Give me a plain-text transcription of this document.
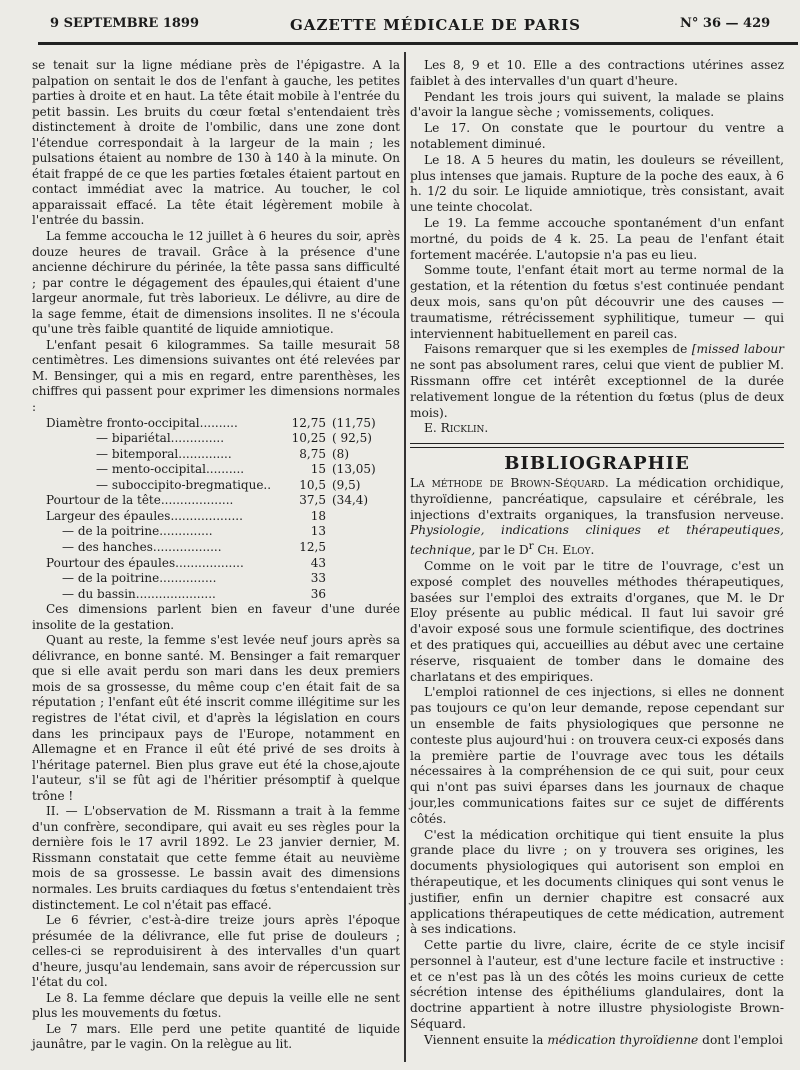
9 SEPTEMBRE 1899	GAZETTE MÉDICALE DE PARIS	N° 36 — 429

se tenait sur la ligne médiane près de l'épigastre. A la palpation on sentait le dos de l'enfant à gauche, les petites parties à droite et en haut. La tête était mobile à l'entrée du petit bassin. Les bruits du cœur fœtal s'entendaient très distinctement à droite de l'ombilic, dans une zone dont l'étendue correspondait à la largeur de la main ; les pulsations étaient au nombre de 130 à 140 à la minute. On était frappé de ce que les parties fœtales étaient partout en contact immédiat avec la matrice. Au toucher, le col apparaissait effacé. La tête était légèrement mobile à l'entrée du bassin.

La femme accoucha le 12 juillet à 6 heures du soir, après douze heures de travail. Grâce à la présence d'une ancienne déchirure du périnée, la tête passa sans difficulté ; par contre le dégagement des épaules,qui étaient d'une largeur anormale, fut très laborieux. Le délivre, au dire de la sage femme, était de dimensions insolites. Il ne s'écoula qu'une très faible quantité de liquide amniotique.

L'enfant pesait 6 kilogrammes. Sa taille mesurait 58 centimètres. Les dimensions suivantes ont été relevées par M. Bensinger, qui a mis en regard, entre parenthèses, les chiffres qui passent pour exprimer les dimensions normales :

Diamètre fronto-occipital..........	12,75	(11,75)
— bipariétal..............	10,25	( 92,5)
— bitemporal..............	8,75	(8)
— mento-occipital..........	15	(13,05)
— suboccipito-bregmatique..	10,5	(9,5)
Pourtour de la tête...................	37,5	(34,4)
Largeur des épaules...................	18	
— de la poitrine..............	13	
— des hanches..................	12,5	
Pourtour des épaules..................	43	
— de la poitrine...............	33	
— du bassin.....................	36	

Ces dimensions parlent bien en faveur d'une durée insolite de la gestation.

Quant au reste, la femme s'est levée neuf jours après sa délivrance, en bonne santé. M. Bensinger a fait remarquer que si elle avait perdu son mari dans les deux premiers mois de sa grossesse, du même coup c'en était fait de sa réputation ; l'enfant eût été inscrit comme illégitime sur les registres de l'état civil, et d'après la législation en cours dans les principaux pays de l'Europe, notamment en Allemagne et en France il eût été privé de ses droits à l'héritage paternel. Bien plus grave eut été la chose,ajoute l'auteur, s'il se fût agi de l'héritier présomptif à quelque trône !

II. — L'observation de M. Rissmann a trait à la femme d'un confrère, secondipare, qui avait eu ses règles pour la dernière fois le 17 avril 1892. Le 23 janvier dernier, M. Rissmann constatait que cette femme était au neuvième mois de sa grossesse. Le bassin avait des dimensions normales. Les bruits cardiaques du fœtus s'entendaient très distinctement. Le col n'était pas effacé.

Le 6 février, c'est-à-dire treize jours après l'époque présumée de la délivrance, elle fut prise de douleurs ; celles-ci se reproduisirent à des intervalles d'un quart d'heure, jusqu'au lendemain, sans avoir de répercussion sur l'état du col.

Le 8. La femme déclare que depuis la veille elle ne sent plus les mouvements du fœtus.

Le 7 mars. Elle perd une petite quantité de liquide jaunâtre, par le vagin. On la relègue au lit.

Les 8, 9 et 10. Elle a des contractions utérines assez faiblet à des intervalles d'un quart d'heure.

Pendant les trois jours qui suivent, la malade se plains d'avoir la langue sèche ; vomissements, coliques.

Le 17. On constate que le pourtour du ventre a notablement diminué.

Le 18. A 5 heures du matin, les douleurs se réveillent, plus intenses que jamais. Rupture de la poche des eaux, à 6 h. 1/2 du soir. Le liquide amniotique, très consistant, avait une teinte chocolat.

Le 19. La femme accouche spontanément d'un enfant mortné, du poids de 4 k. 25. La peau de l'enfant était fortement macérée. L'autopsie n'a pas eu lieu.

Somme toute, l'enfant était mort au terme normal de la gestation, et la rétention du fœtus s'est continuée pendant deux mois, sans qu'on pût découvrir une des causes — traumatisme, rétrécissement syphilitique, tumeur — qui interviennent habituellement en pareil cas.

Faisons remarquer que si les exemples de [missed labour ne sont pas absolument rares, celui que vient de publier M. Rissmann offre cet intérêt exceptionnel de la durée relativement longue de la rétention du fœtus (plus de deux mois).

E. Ricklin.

BIBLIOGRAPHIE

La méthode de Brown-Séquard. La médication orchidique, thyroïdienne, pancréatique, capsulaire et cérébrale, les injections d'extraits organiques, la transfusion nerveuse. Physiologie, indications cliniques et thérapeutiques, technique, par le $D^r$ Ch. Eloy.

Comme on le voit par le titre de l'ouvrage, c'est un exposé complet des nouvelles méthodes thérapeutiques, basées sur l'emploi des extraits d'organes, que M. le Dr Eloy présente au public médical. Il faut lui savoir gré d'avoir exposé sous une formule scientifique, des doctrines et des pratiques qui, accueillies au début avec une certaine réserve, risquaient de tomber dans le domaine des charlatans et des empiriques.

L'emploi rationnel de ces injections, si elles ne donnent pas toujours ce qu'on leur demande, repose cependant sur un ensemble de faits physiologiques que personne ne conteste plus aujourd'hui : on trouvera ceux-ci exposés dans la première partie de l'ouvrage avec tous les détails nécessaires à la compréhension de ce qui suit, pour ceux qui n'ont pas suivi éparses dans les journaux de chaque jour,les communications faites sur ce sujet de différents côtés.

C'est la médication orchitique qui tient ensuite la plus grande place du livre ; on y trouvera ses origines, les documents physiologiques qui autorisent son emploi en thérapeutique, et les documents cliniques qui sont venus le justifier, enfin un dernier chapitre est consacré aux applications thérapeutiques de cette médication, autrement à ses indications.

Cette partie du livre, claire, écrite de ce style incisif personnel à l'auteur, est d'une lecture facile et instructive : et ce n'est pas là un des côtés les moins curieux de cette sécrétion intense des épithéliums glandulaires, dont la doctrine appartient à notre illustre physiologiste Brown-Séquard.

Viennent ensuite la médication thyroïdienne dont l'emploi
